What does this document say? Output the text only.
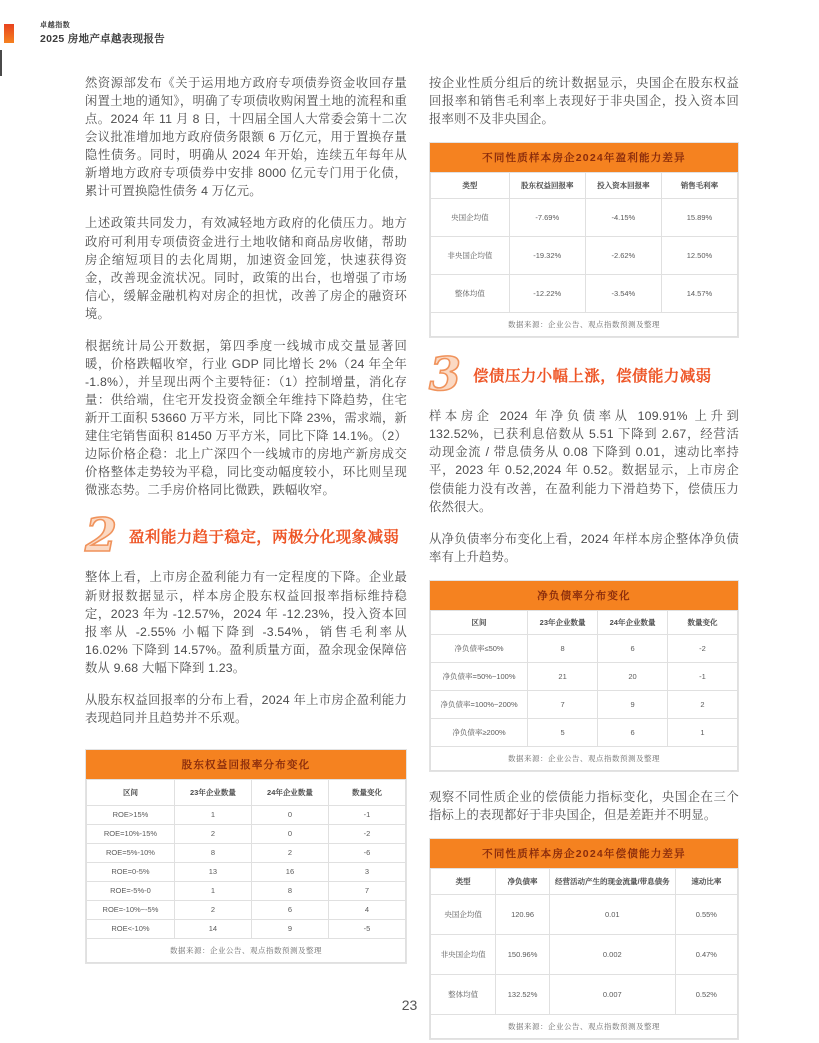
卓越指数
2025 房地产卓越表现报告

然资源部发布《关于运用地方政府专项债券资金收回存量闲置土地的通知》，明确了专项债收购闲置土地的流程和重点。2024 年 11 月 8 日，十四届全国人大常委会第十二次会议批准增加地方政府债务限额 6 万亿元，用于置换存量隐性债务。同时，明确从 2024 年开始，连续五年每年从新增地方政府专项债券中安排 8000 亿元专门用于化债，累计可置换隐性债务 4 万亿元。

上述政策共同发力，有效减轻地方政府的化债压力。地方政府可利用专项债资金进行土地收储和商品房收储，帮助房企缩短项目的去化周期，加速资金回笼，快速获得资金，改善现金流状况。同时，政策的出台，也增强了市场信心，缓解金融机构对房企的担忧，改善了房企的融资环境。

根据统计局公开数据，第四季度一线城市成交量显著回暖，价格跌幅收窄，行业 GDP 同比增长 2%（24 年全年 -1.8%），并呈现出两个主要特征：（1）控制增量，消化存量：供给端，住宅开发投资金额全年维持下降趋势，住宅新开工面积 53660 万平方米，同比下降 23%，需求端，新建住宅销售面积 81450 万平方米，同比下降 14.1%。（2）边际价格企稳：北上广深四个一线城市的房地产新房成交价格整体走势较为平稳，同比变动幅度较小，环比则呈现微涨态势。二手房价格同比微跌，跌幅收窄。

2 盈利能力趋于稳定，两极分化现象减弱

整体上看，上市房企盈利能力有一定程度的下降。企业最新财报数据显示，样本房企股东权益回报率指标维持稳定，2023 年为 -12.57%，2024 年 -12.23%，投入资本回报率从 -2.55% 小幅下降到 -3.54%，销售毛利率从 16.02% 下降到 14.57%。盈利质量方面，盈余现金保障倍数从 9.68 大幅下降到 1.23。

从股东权益回报率的分布上看，2024 年上市房企盈利能力表现趋同并且趋势并不乐观。

股东权益回报率分布变化
区间	23年企业数量	24年企业数量	数量变化
ROE>15%	1	0	-1
ROE=10%-15%	2	0	-2
ROE=5%-10%	8	2	-6
ROE=0-5%	13	16	3
ROE=-5%-0	1	8	7
ROE=-10%~-5%	2	6	4
ROE<-10%	14	9	-5
数据来源：企业公告、观点指数预测及整理			

按企业性质分组后的统计数据显示，央国企在股东权益回报率和销售毛利率上表现好于非央国企，投入资本回报率则不及非央国企。

不同性质样本房企2024年盈利能力差异
类型	股东权益回报率	投入资本回报率	销售毛利率
央国企均值	-7.69%	-4.15%	15.89%
非央国企均值	-19.32%	-2.62%	12.50%
整体均值	-12.22%	-3.54%	14.57%
数据来源：企业公告、观点指数预测及整理			
3 偿债压力小幅上涨，偿债能力减弱

样本房企 2024 年净负债率从 109.91% 上升到 132.52%，已获利息倍数从 5.51 下降到 2.67，经营活动现金流 / 带息债务从 0.08 下降到 0.01，速动比率持平，2023 年 0.52,2024 年 0.52。数据显示，上市房企偿债能力没有改善，在盈利能力下滑趋势下，偿债压力依然很大。

从净负债率分布变化上看，2024 年样本房企整体净负债率有上升趋势。

净负债率分布变化
区间	23年企业数量	24年企业数量	数量变化
净负债率≤50%	8	6	-2
净负债率=50%~100%	21	20	-1
净负债率=100%~200%	7	9	2
净负债率≥200%	5	6	1
数据来源：企业公告、观点指数预测及整理			

观察不同性质企业的偿债能力指标变化，央国企在三个指标上的表现都好于非央国企，但是差距并不明显。

不同性质样本房企2024年偿债能力差异
类型	净负债率	经营活动产生的现金流量/带息债务	速动比率
央国企均值	120.96	0.01	0.55%
非央国企均值	150.96%	0.002	0.47%
整体均值	132.52%	0.007	0.52%
数据来源：企业公告、观点指数预测及整理			
23
